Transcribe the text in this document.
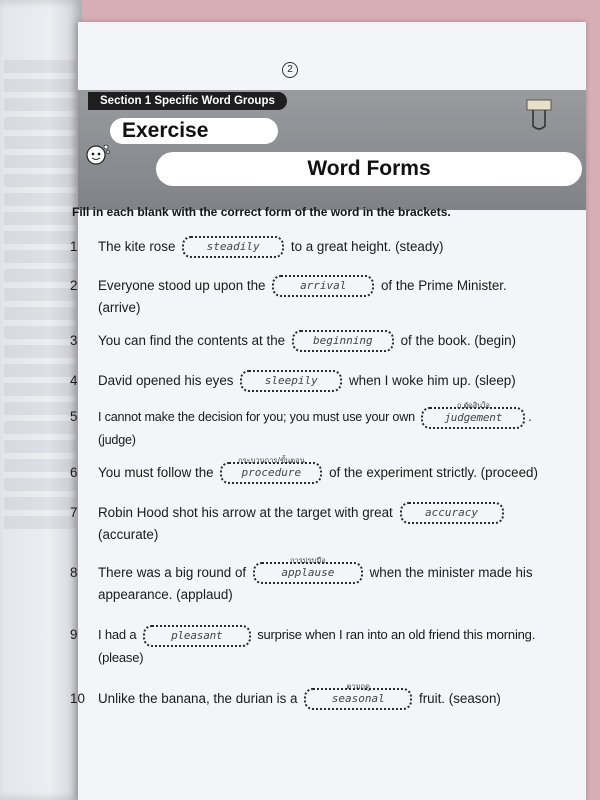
2
Section 1 Specific Word Groups
Exercise
Word Forms
Fill in each blank with the correct form of the word in the brackets.
1	The kite rose	steadily to a great height. (steady)
2	Everyone stood up upon the	arrival	of the Prime Minister.
(arrive)
3	You can find the contents at the	beginning of the book. (begin)
4	David opened his eyes	sleepily when I woke him up. (sleep)
5	I cannot make the decision for you; you must use your own
ก.ตัดสินใจ
judgement .
(judge)
6	You must follow the
กระบวนการ/ขั้นตอน
procedure of the experiment strictly. (proceed)
7	Robin Hood shot his arrow at the target with great	accuracy
(accurate)
8	There was a big round of
การปรบมือ
applause	when the minister made his
appearance. (applaud)
9	I had a	pleasant	surprise when I ran into an old friend this morning.
(please)
10 Unlike the banana, the durian is a
ตามฤดู
seasonal	fruit. (season)
